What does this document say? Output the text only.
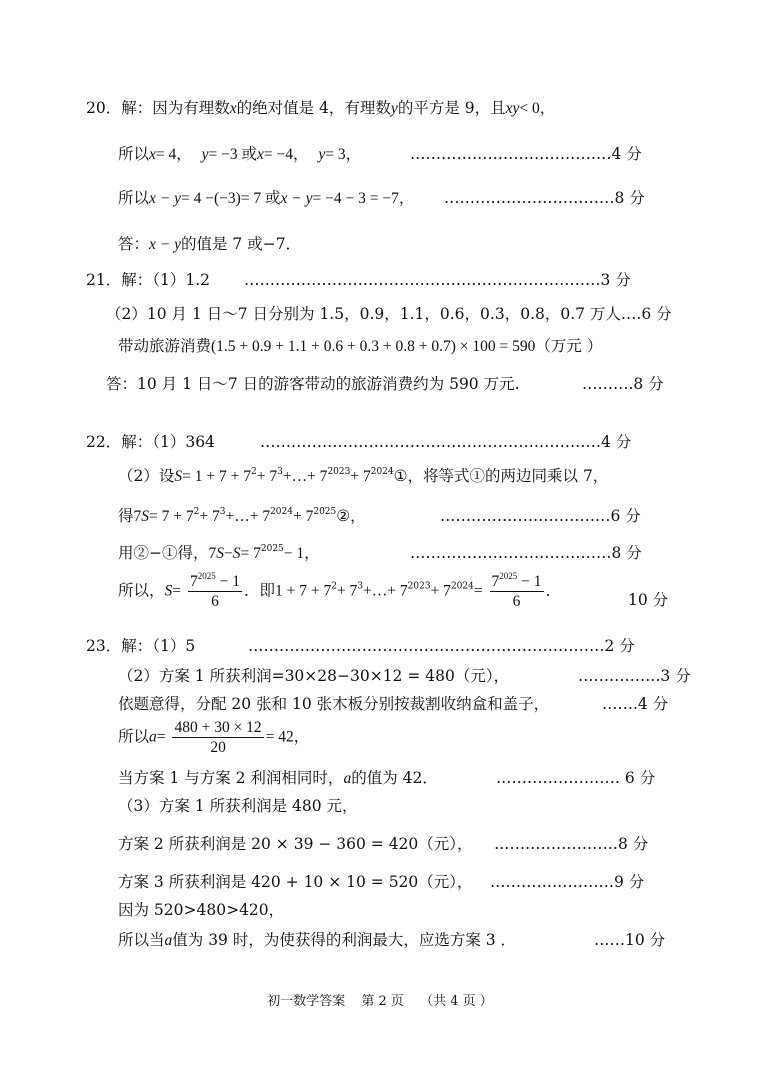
20．解：因为有理数x的绝对值是 4，有理数y的平方是 9，且xy< 0，
所以x= 4， y= −3 或x= −4， y= 3，	…………………………………4 分
所以x − y= 4 −(−3)= 7 或x − y= −4 − 3 = −7， ……………………………8 分
答：x − y的值是 7 或−7．
21．解：（1）1.2 ……………………………………………………………3 分
（2）10 月 1 日～7 日分别为 1.5，0.9，1.1，0.6，0.3，0.8，0.7 万人….6 分
带动旅游消费(1.5 + 0.9 + 1.1 + 0.6 + 0.3 + 0.8 + 0.7) × 100 = 590（万元 ）
答：10 月 1 日～7 日的游客带动的旅游消费约为 590 万元.	……….8 分
22．解：（1）364	…………………………………………………………4 分
（2）设$S= 1 + 7 + 7^2+$ $7^3+\dots+ 7^{2023}+$ $7^{2024}①$，将等式①的两边同乘以 7，
得$7S= 7 + 7^2+$ $7^3+\dots+ 7^{2024}+$ $7^{2025}②$，	……………………………6 分
用②−①得，$7S-S= 7^{2025}- 1$，	…………………………………8 分
所以，$S= \frac{7^{2025} - 1}{6}$ ．即$1 + 7 + 7^2+$ $7^3+\dots+ 7^{2023}+ 7^{2024}= \frac{7^{2025} - 1}{6}$ ．
10 分
23．解：（1）5	……………………………………………………………2 分
（2）方案 1 所获利润=30×28−30×12 = 480（元），	…………….3 分
依题意得，分配 20 张和 10 张木板分别按裁割收纳盒和盖子，	…….4 分
所以$a= \frac{480 + 30 \times 12}{20} = 42$，
当方案 1 与方案 2 利润相同时，a的值为 42．	…………………… 6 分
（3）方案 1 所获利润是 480 元，
方案 2 所获利润是 20 × 39 − 360 = 420（元）， ……………………8 分
方案 3 所获利润是 420 + 10 × 10 = 520（元）， ……………………9 分
因为 520>480>420，
所以当a值为 39 时，为使获得的利润最大，应选方案 3 ．	……10 分
初一数学答案 第 2 页 （共 4 页 ）
